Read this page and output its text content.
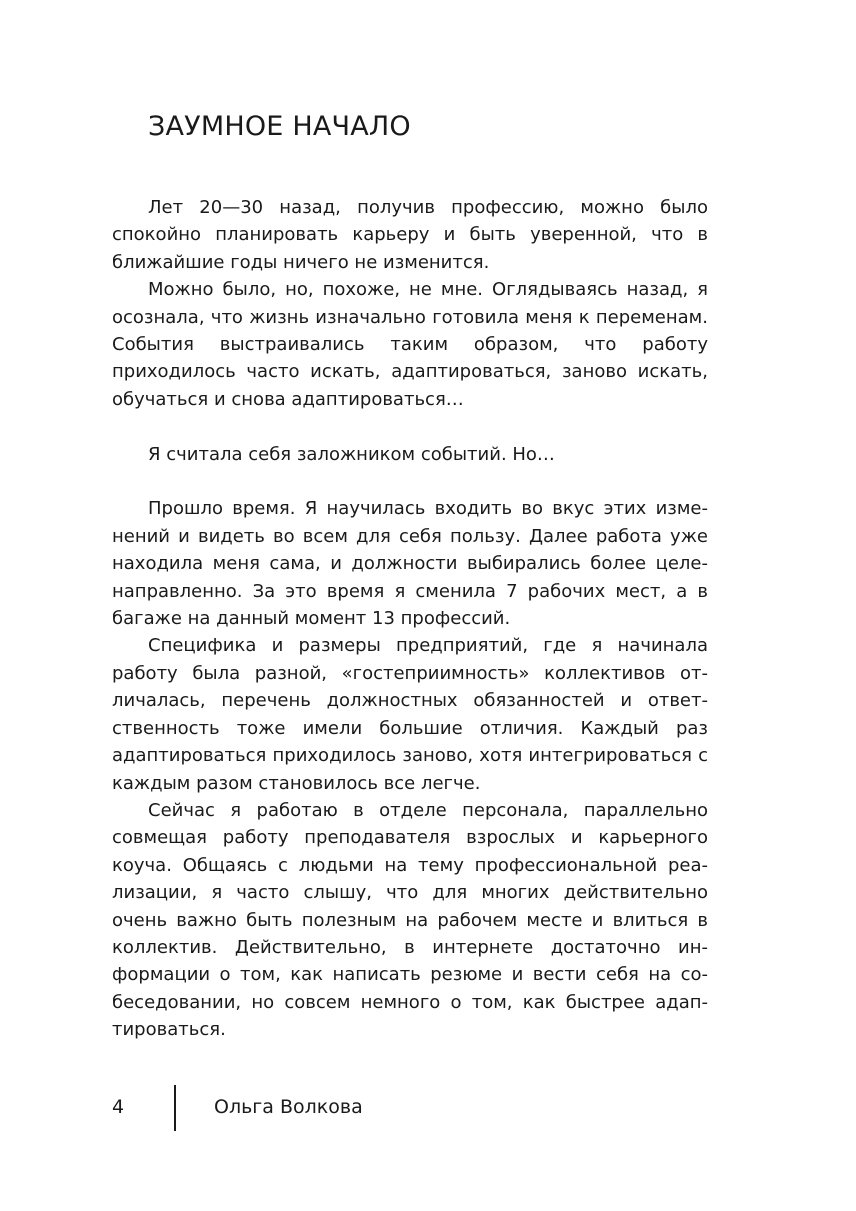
ЗАУМНОЕ НАЧАЛО

Лет 20—30 назад, получив профессию, можно было спокойно планировать карьеру и быть уверенной, что в ближайшие годы ничего не изменится.

Можно было, но, похоже, не мне. Оглядываясь назад, я осознала, что жизнь изначально готовила меня к переменам. События выстраивались таким образом, что работу приходилось часто искать, адаптироваться, заново искать, обучаться и снова адаптироваться…

Я считала себя заложником событий. Но…

Прошло время. Я научилась входить во вкус этих изменений и видеть во всем для себя пользу. Далее работа уже находила меня сама, и должности выбирались более целенаправленно. За это время я сменила 7 рабочих мест, а в багаже на данный момент 13 профессий.

Специфика и размеры предприятий, где я начинала работу была разной, «гостеприимность» коллективов отличалась, перечень должностных обязанностей и ответственность тоже имели большие отличия. Каждый раз адаптироваться приходилось заново, хотя интегрироваться с каждым разом становилось все легче.

Сейчас я работаю в отделе персонала, параллельно совмещая работу преподавателя взрослых и карьерного коуча. Общаясь с людьми на тему профессиональной реализации, я часто слышу, что для многих действительно очень важно быть полезным на рабочем месте и влиться в коллектив. Действительно, в интернете достаточно информации о том, как написать резюме и вести себя на собеседовании, но совсем немного о том, как быстрее адаптироваться.

4	Ольга Волкова
